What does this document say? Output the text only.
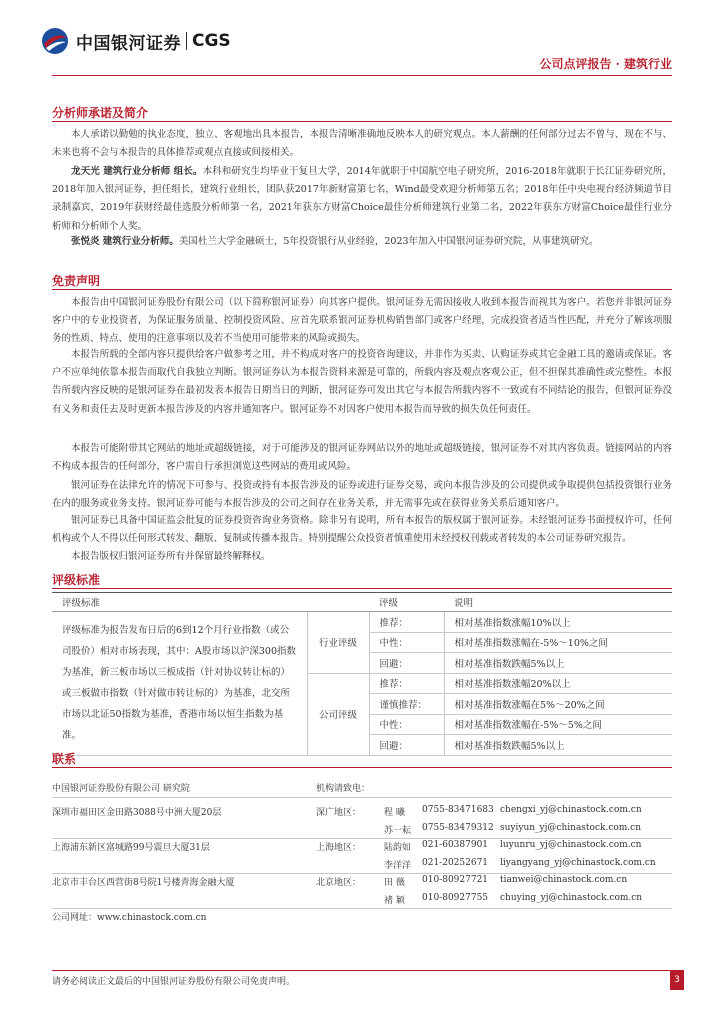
中国银河证券 CGS
公司点评报告 · 建筑行业
分析师承诺及简介

本人承诺以勤勉的执业态度，独立、客观地出具本报告，本报告清晰准确地反映本人的研究观点。本人薪酬的任何部分过去不曾与、现在不与、未来也将不会与本报告的具体推荐或观点直接或间接相关。

龙天光 建筑行业分析师 组长。本科和研究生均毕业于复旦大学，2014年就职于中国航空电子研究所，2016-2018年就职于长江证券研究所，2018年加入银河证券，担任组长，建筑行业组长，团队获2017年新财富第七名，Wind最受欢迎分析师第五名；2018年任中央电视台经济频道节目录制嘉宾，2019年获财经最佳选股分析师第一名，2021年获东方财富Choice最佳分析师建筑行业第二名，2022年获东方财富Choice最佳行业分析师和分析师个人奖。

张悦炎 建筑行业分析师。美国杜兰大学金融硕士，5年投资银行从业经验，2023年加入中国银河证券研究院，从事建筑研究。

免责声明

本报告由中国银河证券股份有限公司（以下简称银河证券）向其客户提供。银河证券无需因接收人收到本报告而视其为客户。若您并非银河证券客户中的专业投资者，为保证服务质量、控制投资风险、应首先联系银河证券机构销售部门或客户经理，完成投资者适当性匹配，并充分了解该项服务的性质、特点、使用的注意事项以及若不当使用可能带来的风险或损失。

本报告所载的全部内容只提供给客户做参考之用，并不构成对客户的投资咨询建议，并非作为买卖、认购证券或其它金融工具的邀请或保证。客户不应单纯依靠本报告而取代自我独立判断。银河证券认为本报告资料来源是可靠的，所载内容及观点客观公正，但不担保其准确性或完整性。本报告所载内容反映的是银河证券在最初发表本报告日期当日的判断，银河证券可发出其它与本报告所载内容不一致或有不同结论的报告，但银河证券没有义务和责任去及时更新本报告涉及的内容并通知客户。银河证券不对因客户使用本报告而导致的损失负任何责任。

本报告可能附带其它网站的地址或超级链接，对于可能涉及的银河证券网站以外的地址或超级链接，银河证券不对其内容负责。链接网站的内容不构成本报告的任何部分，客户需自行承担浏览这些网站的费用或风险。

银河证券在法律允许的情况下可参与、投资或持有本报告涉及的证券或进行证券交易，或向本报告涉及的公司提供或争取提供包括投资银行业务在内的服务或业务支持。银河证券可能与本报告涉及的公司之间存在业务关系，并无需事先或在获得业务关系后通知客户。

银河证券已具备中国证监会批复的证券投资咨询业务资格。除非另有说明，所有本报告的版权属于银河证券。未经银河证券书面授权许可，任何机构或个人不得以任何形式转发、翻版、复制或传播本报告。特别提醒公众投资者慎重使用未经授权刊载或者转发的本公司证券研究报告。

本报告版权归银河证券所有并保留最终解释权。

评级标准
评级标准		评级	说明
评级标准为报告发布日后的6到12个月行业指数（或公司股价）相对市场表现，其中：A股市场以沪深300指数为基准，新三板市场以三板成指（针对协议转让标的）或三板做市指数（针对做市转让标的）为基准，北交所市场以北证50指数为基准，香港市场以恒生指数为基准。	行业评级	推荐：	相对基准指数涨幅10%以上
		中性：	相对基准指数涨幅在-5%～10%之间
		回避：	相对基准指数跌幅5%以上
	公司评级	推荐：	相对基准指数涨幅20%以上
		谨慎推荐：	相对基准指数涨幅在5%～20%之间
		中性：	相对基准指数涨幅在-5%～5%之间
		回避：	相对基准指数跌幅5%以上
联系
中国银河证券股份有限公司 研究院	机构请致电：
深圳市福田区金田路3088号中洲大厦20层	深广地区：	程 曦 0755-83471683 chengxi_yj@chinastock.com.cn
苏一耘 0755-83479312 suyiyun_yj@chinastock.com.cn
上海浦东新区富城路99号震旦大厦31层	上海地区：	陆韵如 021-60387901 luyunru_yj@chinastock.com.cn
李洋洋 021-20252671 liyangyang_yj@chinastock.com.cn
北京市丰台区西营街8号院1号楼青海金融大厦	北京地区：	田 薇 010-80927721 tianwei@chinastock.com.cn
褚 颖 010-80927755 chuying_yj@chinastock.com.cn
公司网址：www.chinastock.com.cn
请务必阅读正文最后的中国银河证券股份有限公司免责声明。	3
